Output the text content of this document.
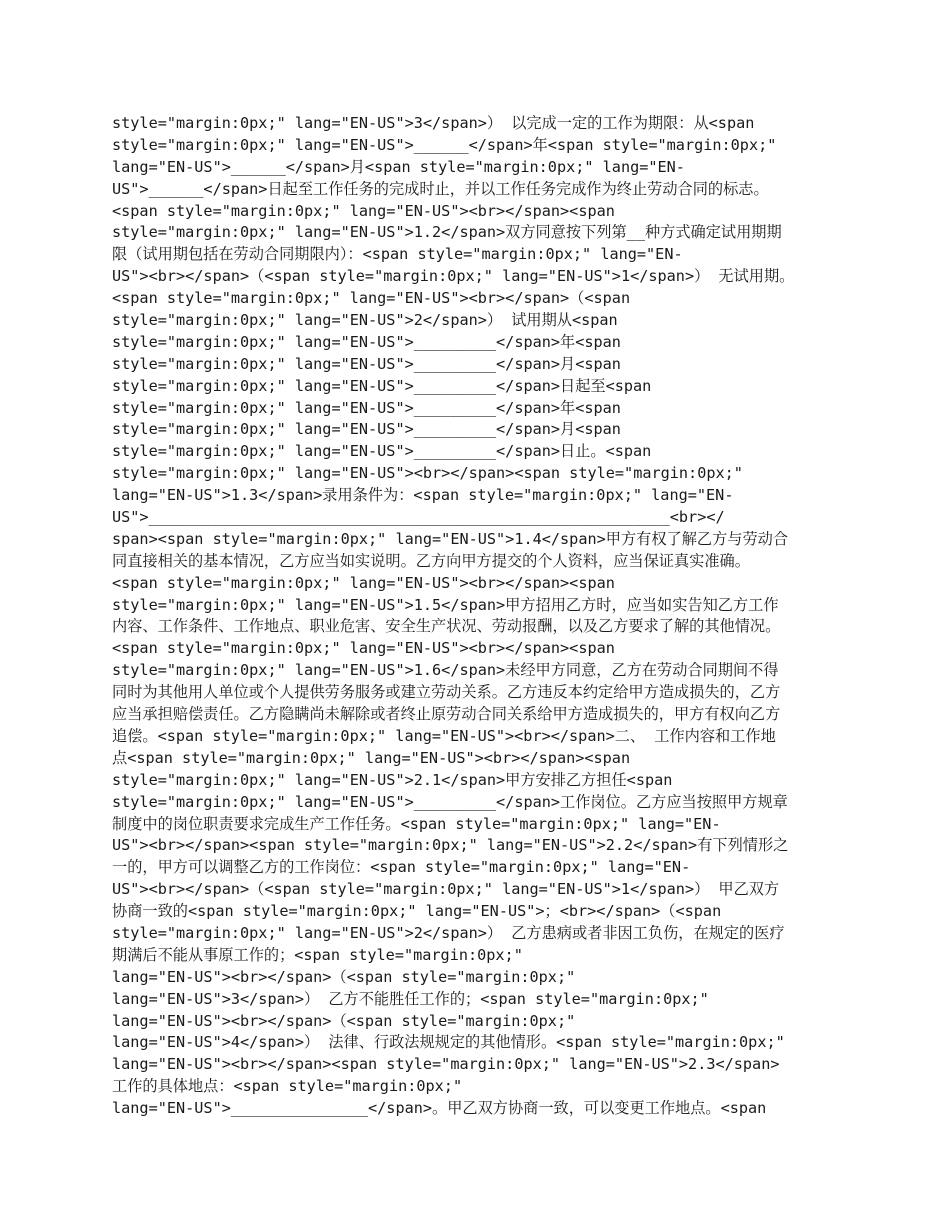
style="margin:0px;" lang="EN-US">3</span>） 以完成一定的工作为期限：从<span
style="margin:0px;" lang="EN-US">______</span>年<span style="margin:0px;"
lang="EN-US">______</span>月<span style="margin:0px;" lang="EN-
US">______</span>日起至工作任务的完成时止，并以工作任务完成作为终止劳动合同的标志。
<span style="margin:0px;" lang="EN-US"><br></span><span
style="margin:0px;" lang="EN-US">1.2</span>双方同意按下列第__种方式确定试用期期
限（试用期包括在劳动合同期限内）：<span style="margin:0px;" lang="EN-
US"><br></span>（<span style="margin:0px;" lang="EN-US">1</span>） 无试用期。
<span style="margin:0px;" lang="EN-US"><br></span>（<span
style="margin:0px;" lang="EN-US">2</span>） 试用期从<span
style="margin:0px;" lang="EN-US">_________</span>年<span
style="margin:0px;" lang="EN-US">_________</span>月<span
style="margin:0px;" lang="EN-US">_________</span>日起至<span
style="margin:0px;" lang="EN-US">_________</span>年<span
style="margin:0px;" lang="EN-US">_________</span>月<span
style="margin:0px;" lang="EN-US">_________</span>日止。<span
style="margin:0px;" lang="EN-US"><br></span><span style="margin:0px;"
lang="EN-US">1.3</span>录用条件为：<span style="margin:0px;" lang="EN-
US">_________________________________________________________<br></
span><span style="margin:0px;" lang="EN-US">1.4</span>甲方有权了解乙方与劳动合
同直接相关的基本情况，乙方应当如实说明。乙方向甲方提交的个人资料，应当保证真实准确。
<span style="margin:0px;" lang="EN-US"><br></span><span
style="margin:0px;" lang="EN-US">1.5</span>甲方招用乙方时，应当如实告知乙方工作
内容、工作条件、工作地点、职业危害、安全生产状况、劳动报酬，以及乙方要求了解的其他情况。
<span style="margin:0px;" lang="EN-US"><br></span><span
style="margin:0px;" lang="EN-US">1.6</span>未经甲方同意，乙方在劳动合同期间不得
同时为其他用人单位或个人提供劳务服务或建立劳动关系。乙方违反本约定给甲方造成损失的，乙方
应当承担赔偿责任。乙方隐瞒尚未解除或者终止原劳动合同关系给甲方造成损失的，甲方有权向乙方
追偿。<span style="margin:0px;" lang="EN-US"><br></span>二、 工作内容和工作地
点<span style="margin:0px;" lang="EN-US"><br></span><span
style="margin:0px;" lang="EN-US">2.1</span>甲方安排乙方担任<span
style="margin:0px;" lang="EN-US">_________</span>工作岗位。乙方应当按照甲方规章
制度中的岗位职责要求完成生产工作任务。<span style="margin:0px;" lang="EN-
US"><br></span><span style="margin:0px;" lang="EN-US">2.2</span>有下列情形之
一的，甲方可以调整乙方的工作岗位：<span style="margin:0px;" lang="EN-
US"><br></span>（<span style="margin:0px;" lang="EN-US">1</span>） 甲乙双方
协商一致的<span style="margin:0px;" lang="EN-US">；<br></span>（<span
style="margin:0px;" lang="EN-US">2</span>） 乙方患病或者非因工负伤，在规定的医疗
期满后不能从事原工作的；<span style="margin:0px;"
lang="EN-US"><br></span>（<span style="margin:0px;"
lang="EN-US">3</span>） 乙方不能胜任工作的；<span style="margin:0px;"
lang="EN-US"><br></span>（<span style="margin:0px;"
lang="EN-US">4</span>） 法律、行政法规规定的其他情形。<span style="margin:0px;"
lang="EN-US"><br></span><span style="margin:0px;" lang="EN-US">2.3</span>
工作的具体地点：<span style="margin:0px;"
lang="EN-US">_______________</span>。甲乙双方协商一致，可以变更工作地点。<span
